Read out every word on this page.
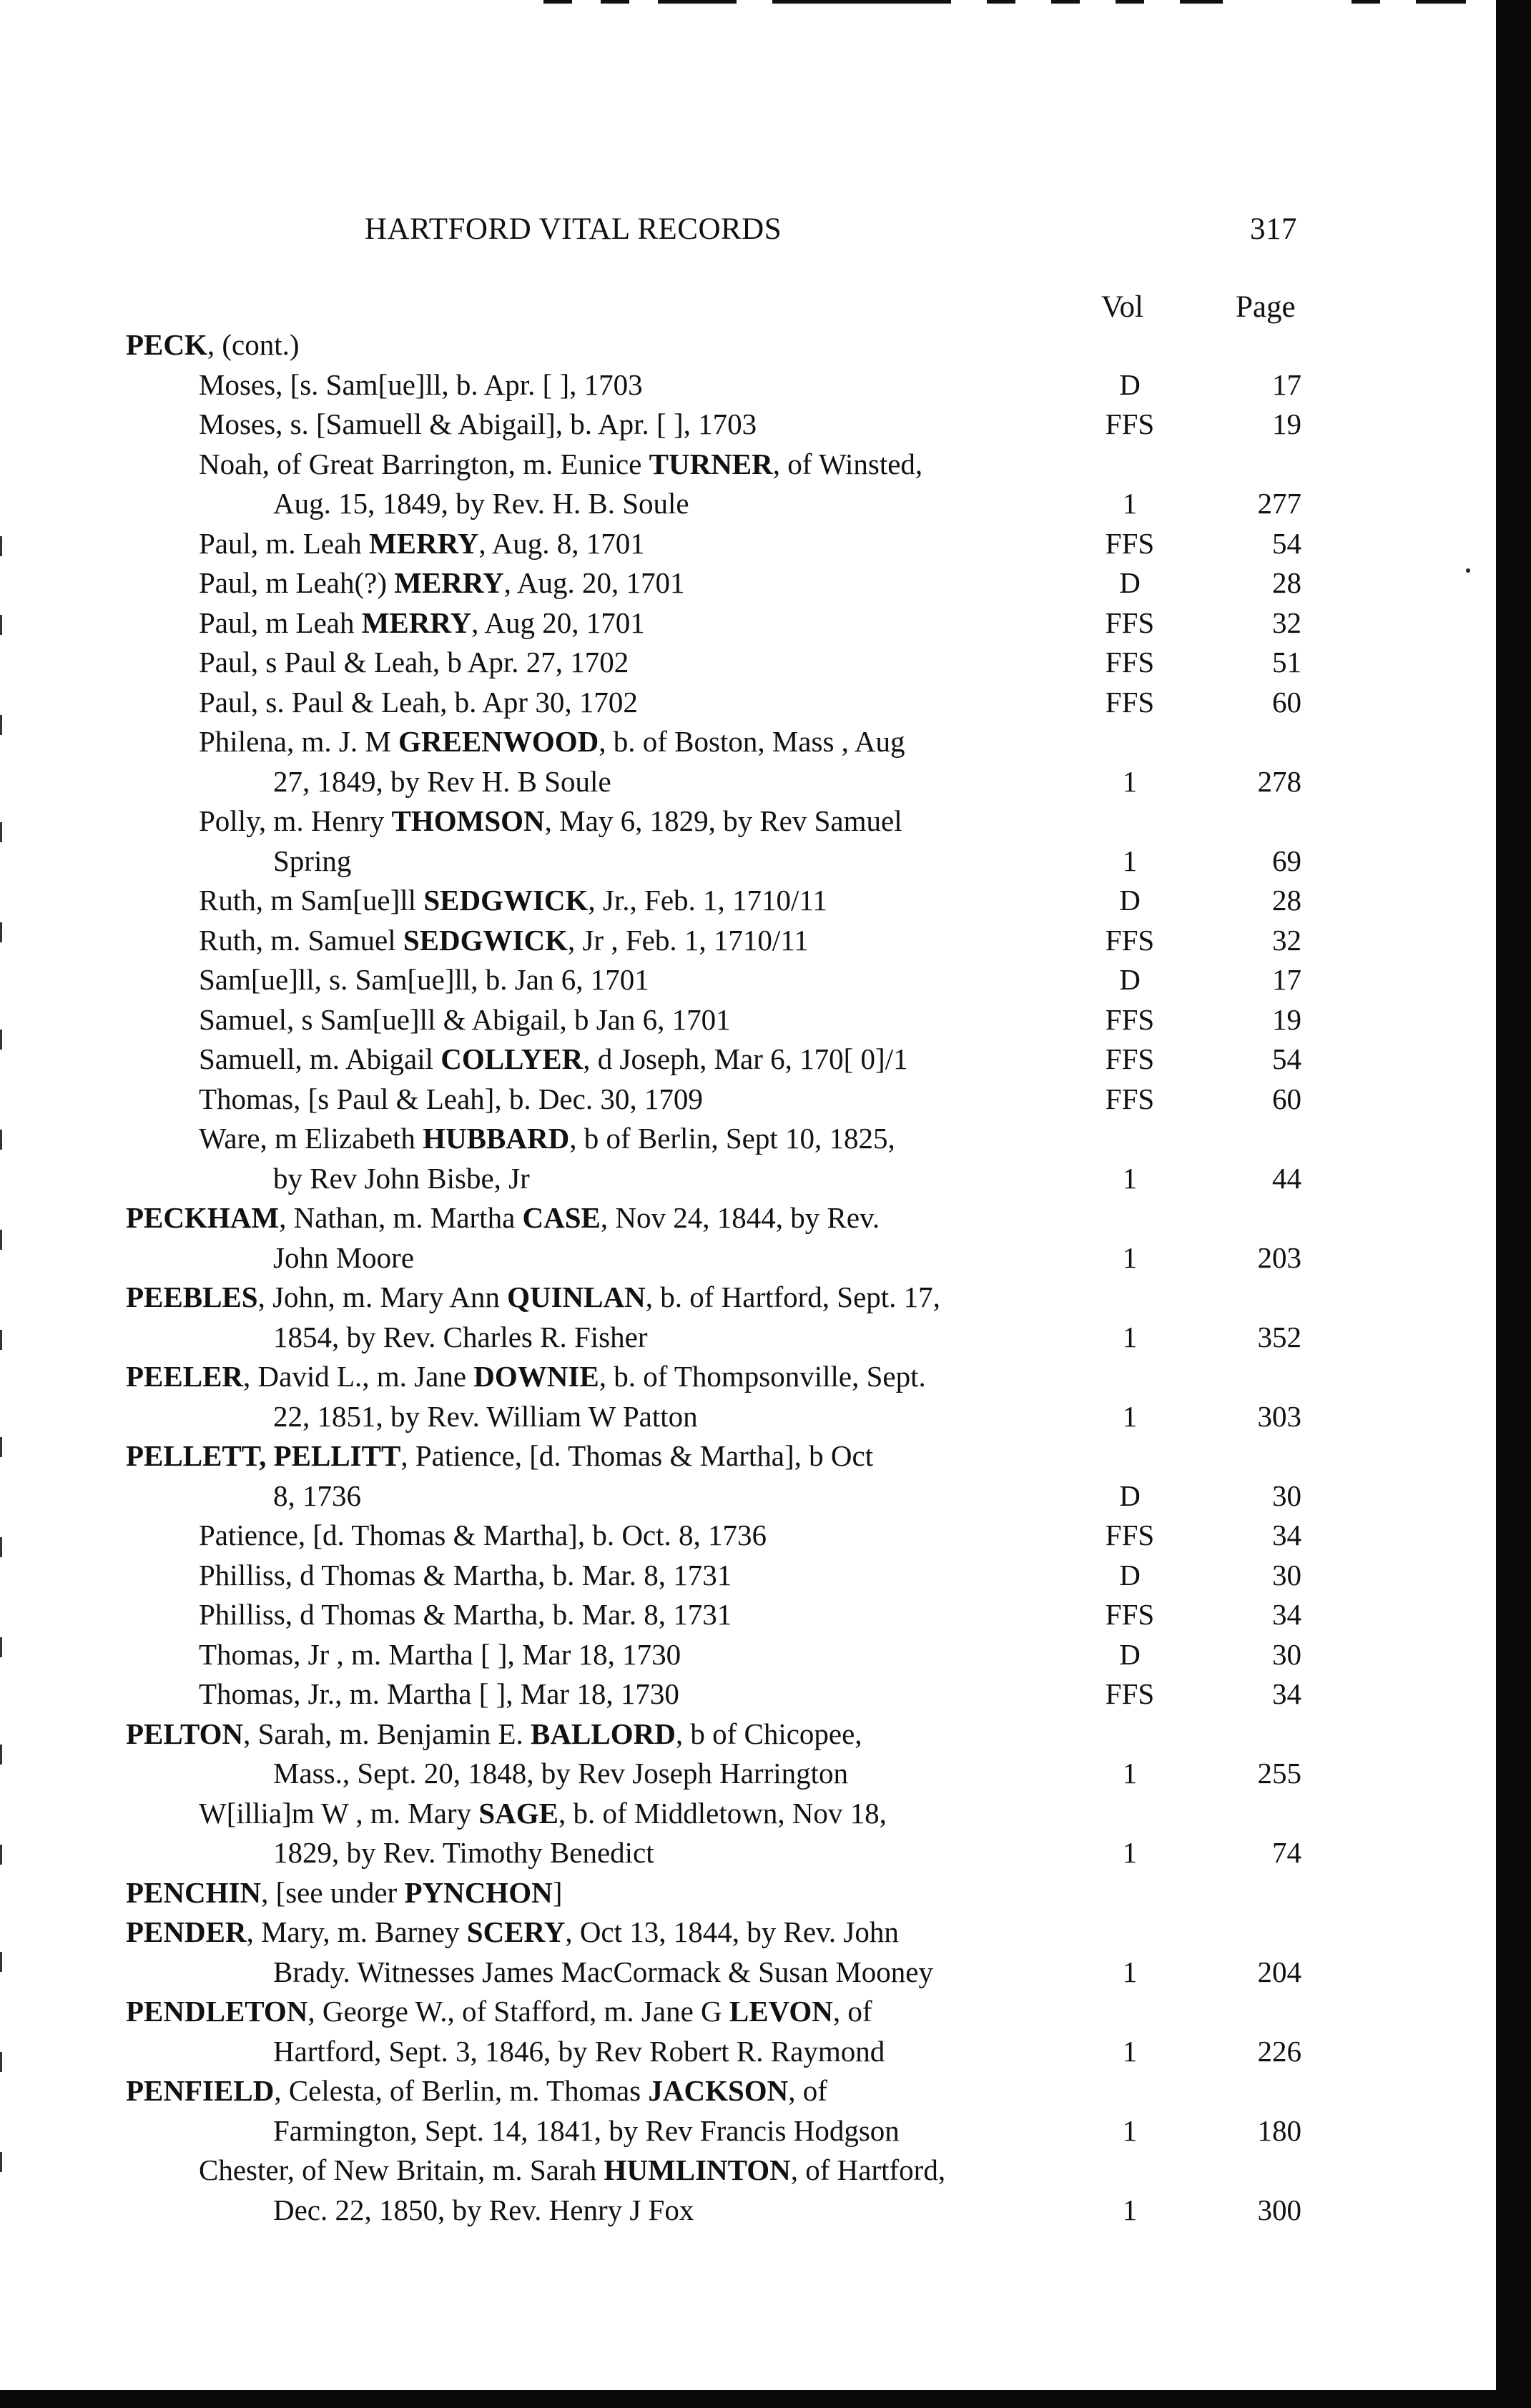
HARTFORD VITAL RECORDS	317
Vol	Page
PECK, (cont.)
Moses, [s. Sam[ue]ll, b. Apr. [ ], 1703	D	17
Moses, s. [Samuell & Abigail], b. Apr. [ ], 1703	FFS	19
Noah, of Great Barrington, m. Eunice TURNER, of Winsted,
Aug. 15, 1849, by Rev. H. B. Soule	1	277
Paul, m. Leah MERRY, Aug. 8, 1701	FFS	54
Paul, m Leah(?) MERRY, Aug. 20, 1701	D	28
Paul, m Leah MERRY, Aug 20, 1701	FFS	32
Paul, s Paul & Leah, b Apr. 27, 1702	FFS	51
Paul, s. Paul & Leah, b. Apr 30, 1702	FFS	60
Philena, m. J. M GREENWOOD, b. of Boston, Mass , Aug
27, 1849, by Rev H. B Soule	1	278
Polly, m. Henry THOMSON, May 6, 1829, by Rev Samuel
Spring	1	69
Ruth, m Sam[ue]ll SEDGWICK, Jr., Feb. 1, 1710/11	D	28
Ruth, m. Samuel SEDGWICK, Jr , Feb. 1, 1710/11	FFS	32
Sam[ue]ll, s. Sam[ue]ll, b. Jan 6, 1701	D	17
Samuel, s Sam[ue]ll & Abigail, b Jan 6, 1701	FFS	19
Samuell, m. Abigail COLLYER, d Joseph, Mar 6, 170[ 0]/1	FFS	54
Thomas, [s Paul & Leah], b. Dec. 30, 1709	FFS	60
Ware, m Elizabeth HUBBARD, b of Berlin, Sept 10, 1825,
by Rev John Bisbe, Jr	1	44
PECKHAM, Nathan, m. Martha CASE, Nov 24, 1844, by Rev.
John Moore	1	203
PEEBLES, John, m. Mary Ann QUINLAN, b. of Hartford, Sept. 17,
1854, by Rev. Charles R. Fisher	1	352
PEELER, David L., m. Jane DOWNIE, b. of Thompsonville, Sept.
22, 1851, by Rev. William W Patton	1	303
PELLETT, PELLITT, Patience, [d. Thomas & Martha], b Oct
8, 1736	D	30
Patience, [d. Thomas & Martha], b. Oct. 8, 1736	FFS	34
Philliss, d Thomas & Martha, b. Mar. 8, 1731	D	30
Philliss, d Thomas & Martha, b. Mar. 8, 1731	FFS	34
Thomas, Jr , m. Martha [ ], Mar 18, 1730	D	30
Thomas, Jr., m. Martha [ ], Mar 18, 1730	FFS	34
PELTON, Sarah, m. Benjamin E. BALLORD, b of Chicopee,
Mass., Sept. 20, 1848, by Rev Joseph Harrington	1	255
W[illia]m W , m. Mary SAGE, b. of Middletown, Nov 18,
1829, by Rev. Timothy Benedict	1	74
PENCHIN, [see under PYNCHON]
PENDER, Mary, m. Barney SCERY, Oct 13, 1844, by Rev. John
Brady. Witnesses James MacCormack & Susan Mooney	1	204
PENDLETON, George W., of Stafford, m. Jane G LEVON, of
Hartford, Sept. 3, 1846, by Rev Robert R. Raymond	1	226
PENFIELD, Celesta, of Berlin, m. Thomas JACKSON, of
Farmington, Sept. 14, 1841, by Rev Francis Hodgson	1	180
Chester, of New Britain, m. Sarah HUMLINTON, of Hartford,
Dec. 22, 1850, by Rev. Henry J Fox	1	300
